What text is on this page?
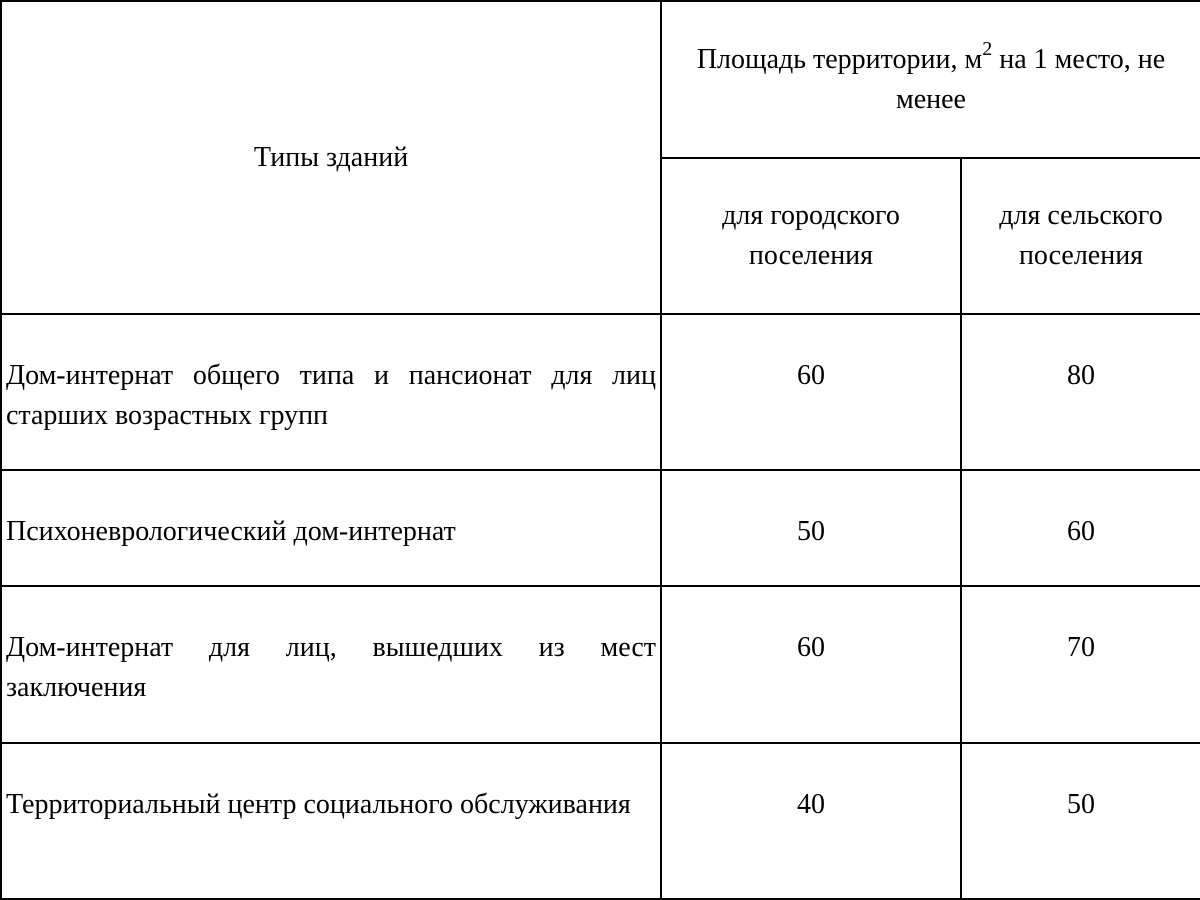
Типы зданий	Площадь территории, $м^2$ на 1 место, не менее	
	для городского поселения	для сельского поселения
Дом-интернат общего типа и пансионат для лиц старших возрастных групп	60	80
Психоневрологический дом-интернат	50	60
Дом-интернат для лиц, вышедших из мест заключения	60	70
Территориальный центр социального обслуживания	40	50
